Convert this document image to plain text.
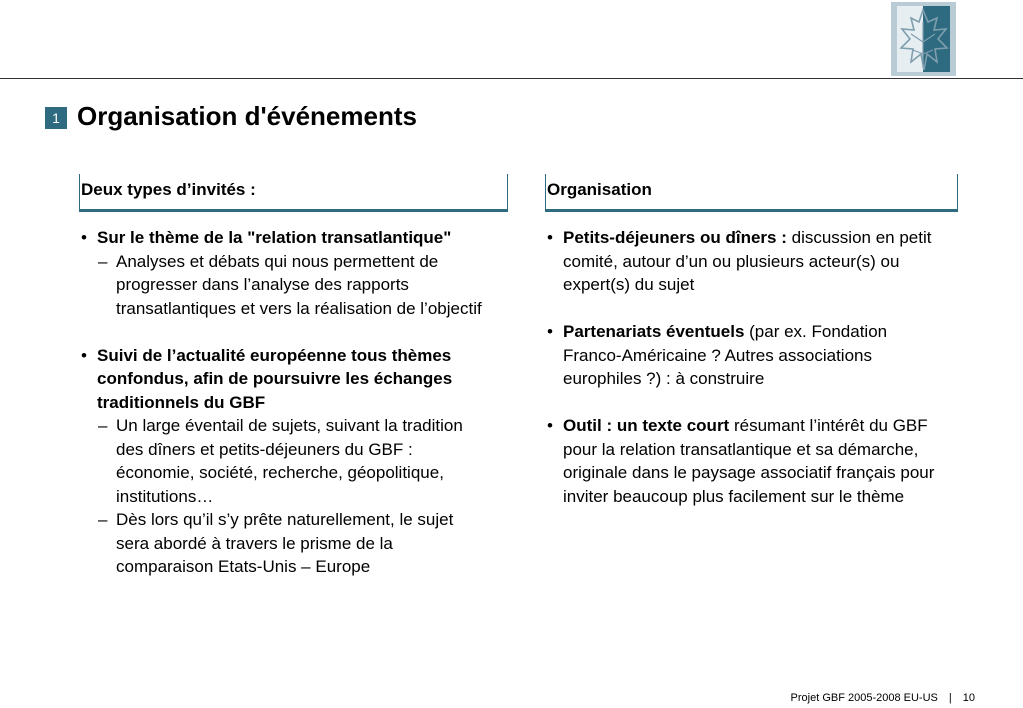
1 Organisation d'événements
Deux types d’invités :
• Sur le thème de la "relation transatlantique"
– Analyses et débats qui nous permettent de progresser dans l’analyse des rapports transatlantiques et vers la réalisation de l’objectif
• Suivi de l’actualité européenne tous thèmes confondus, afin de poursuivre les échanges traditionnels du GBF
– Un large éventail de sujets, suivant la tradition des dîners et petits-déjeuners du GBF : économie, société, recherche, géopolitique, institutions…
– Dès lors qu’il s’y prête naturellement, le sujet sera abordé à travers le prisme de la comparaison Etats-Unis – Europe
Organisation
• Petits-déjeuners ou dîners : discussion en petit comité, autour d’un ou plusieurs acteur(s) ou expert(s) du sujet
• Partenariats éventuels (par ex. Fondation Franco-Américaine ? Autres associations europhiles ?) : à construire
• Outil : un texte court résumant l’intérêt du GBF pour la relation transatlantique et sa démarche, originale dans le paysage associatif français pour inviter beaucoup plus facilement sur le thème
Projet GBF 2005-2008 EU-US | 10
